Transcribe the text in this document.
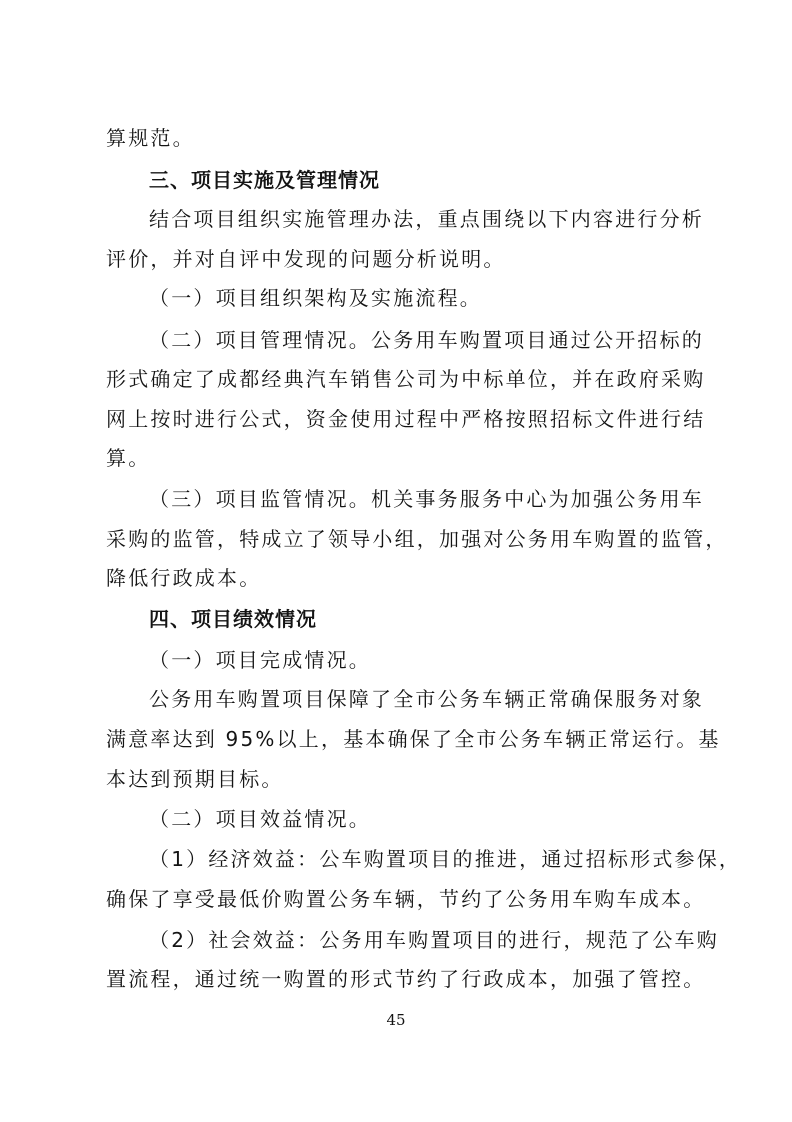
算规范。
三、项目实施及管理情况
结合项目组织实施管理办法，重点围绕以下内容进行分析
评价，并对自评中发现的问题分析说明。
（一）项目组织架构及实施流程。
（二）项目管理情况。公务用车购置项目通过公开招标的
形式确定了成都经典汽车销售公司为中标单位，并在政府采购
网上按时进行公式，资金使用过程中严格按照招标文件进行结
算。
（三）项目监管情况。机关事务服务中心为加强公务用车
采购的监管，特成立了领导小组，加强对公务用车购置的监管，
降低行政成本。
四、项目绩效情况
（一）项目完成情况。
公务用车购置项目保障了全市公务车辆正常确保服务对象
满意率达到 95%以上，基本确保了全市公务车辆正常运行。基
本达到预期目标。
（二）项目效益情况。
（1）经济效益：公车购置项目的推进，通过招标形式参保，
确保了享受最低价购置公务车辆，节约了公务用车购车成本。
（2）社会效益：公务用车购置项目的进行，规范了公车购
置流程，通过统一购置的形式节约了行政成本，加强了管控。
45
